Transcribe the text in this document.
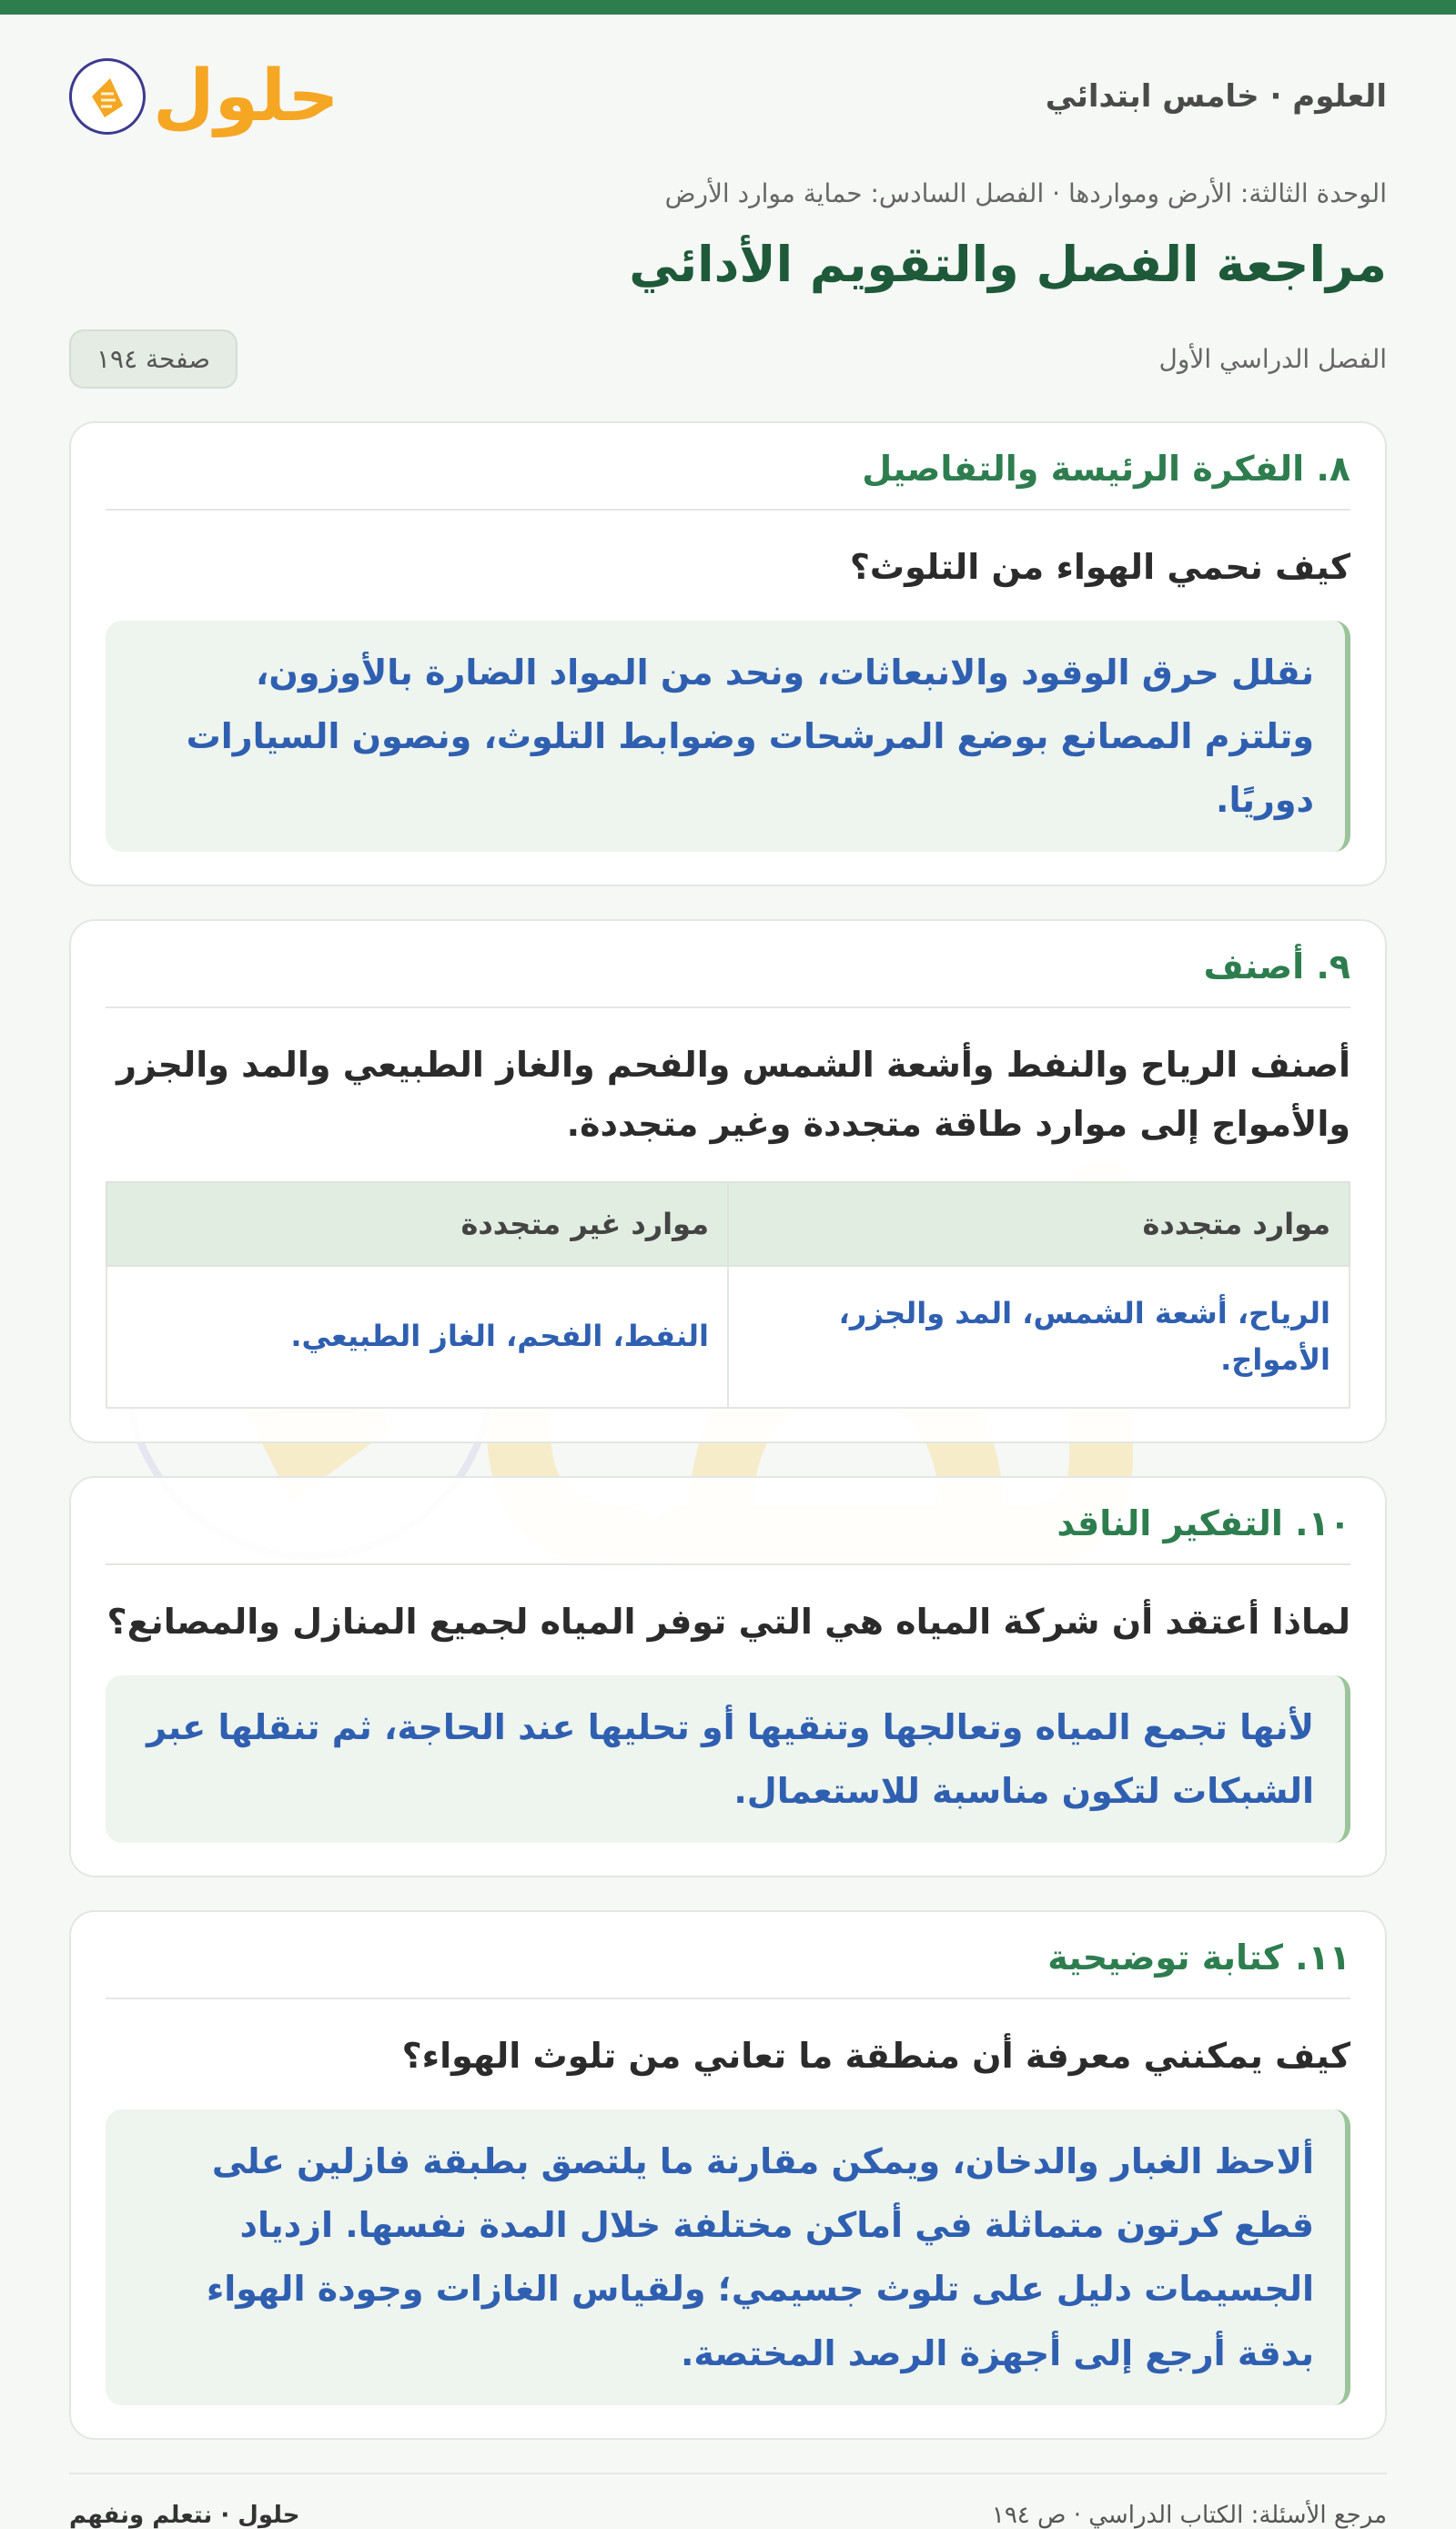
العلوم · خامس ابتدائي
حلول
الوحدة الثالثة: الأرض ومواردها · الفصل السادس: حماية موارد الأرض
مراجعة الفصل والتقويم الأدائي
الفصل الدراسي الأول
صفحة ١٩٤
٨. الفكرة الرئيسة والتفاصيل
كيف نحمي الهواء من التلوث؟
نقلل حرق الوقود والانبعاثات، ونحد من المواد الضارة بالأوزون، وتلتزم المصانع بوضع المرشحات وضوابط التلوث، ونصون السيارات دوريًا.
٩. أصنف
أصنف الرياح والنفط وأشعة الشمس والفحم والغاز الطبيعي والمد والجزر والأمواج إلى موارد طاقة متجددة وغير متجددة.
موارد متجددة	موارد غير متجددة
الرياح، أشعة الشمس، المد والجزر، الأمواج.	النفط، الفحم، الغاز الطبيعي.
١٠. التفكير الناقد
لماذا أعتقد أن شركة المياه هي التي توفر المياه لجميع المنازل والمصانع؟
لأنها تجمع المياه وتعالجها وتنقيها أو تحليها عند الحاجة، ثم تنقلها عبر الشبكات لتكون مناسبة للاستعمال.
١١. كتابة توضيحية
كيف يمكنني معرفة أن منطقة ما تعاني من تلوث الهواء؟
ألاحظ الغبار والدخان، ويمكن مقارنة ما يلتصق بطبقة فازلين على قطع كرتون متماثلة في أماكن مختلفة خلال المدة نفسها. ازدياد الجسيمات دليل على تلوث جسيمي؛ ولقياس الغازات وجودة الهواء بدقة أرجع إلى أجهزة الرصد المختصة.
مرجع الأسئلة: الكتاب الدراسي · ص ١٩٤
حلول · نتعلم ونفهم
